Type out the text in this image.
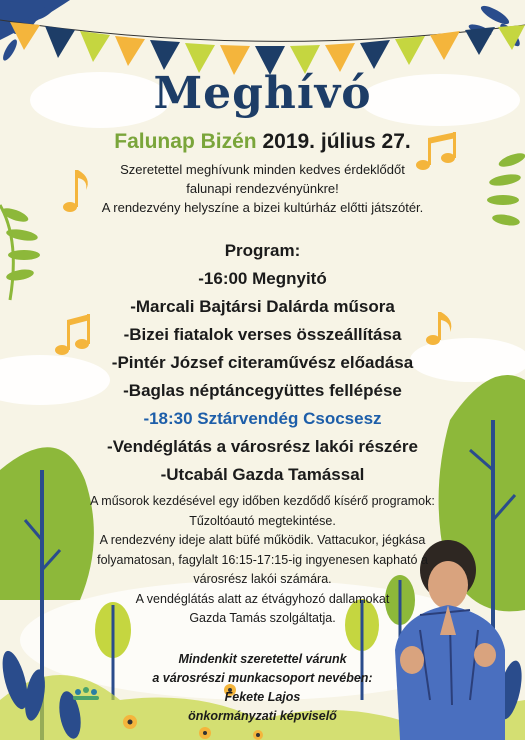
Meghívó
Falunap Bizén 2019. július 27.
Szeretettel meghívunk minden kedves érdeklődőt
falunapi rendezvényünkre!
A rendezvény helyszíne a bizei kultúrház előtti játszótér.
Program:
-16:00 Megnyitó
-Marcali Bajtársi Dalárda műsora
-Bizei fiatalok verses összeállítása
-Pintér József citeraművész előadása
-Baglas néptáncegyüttes fellépése
-18:30 Sztárvendég Csocsesz
-Vendéglátás a városrész lakói részére
-Utcabál Gazda Tamással
A műsorok kezdésével egy időben kezdődő kísérő programok:
Tűzoltóautó megtekintése.
A rendezvény ideje alatt büfé működik. Vattacukor, jégkása
folyamatosan, fagylalt 16:15-17:15-ig ingyenesen kapható a
városrész lakói számára.
A vendéglátás alatt az étvágyhozó dallamokat
Gazda Tamás szolgáltatja.
Mindenkit szeretettel várunk
a városrészi munkacsoport nevében:
Fekete Lajos
önkormányzati képviselő
